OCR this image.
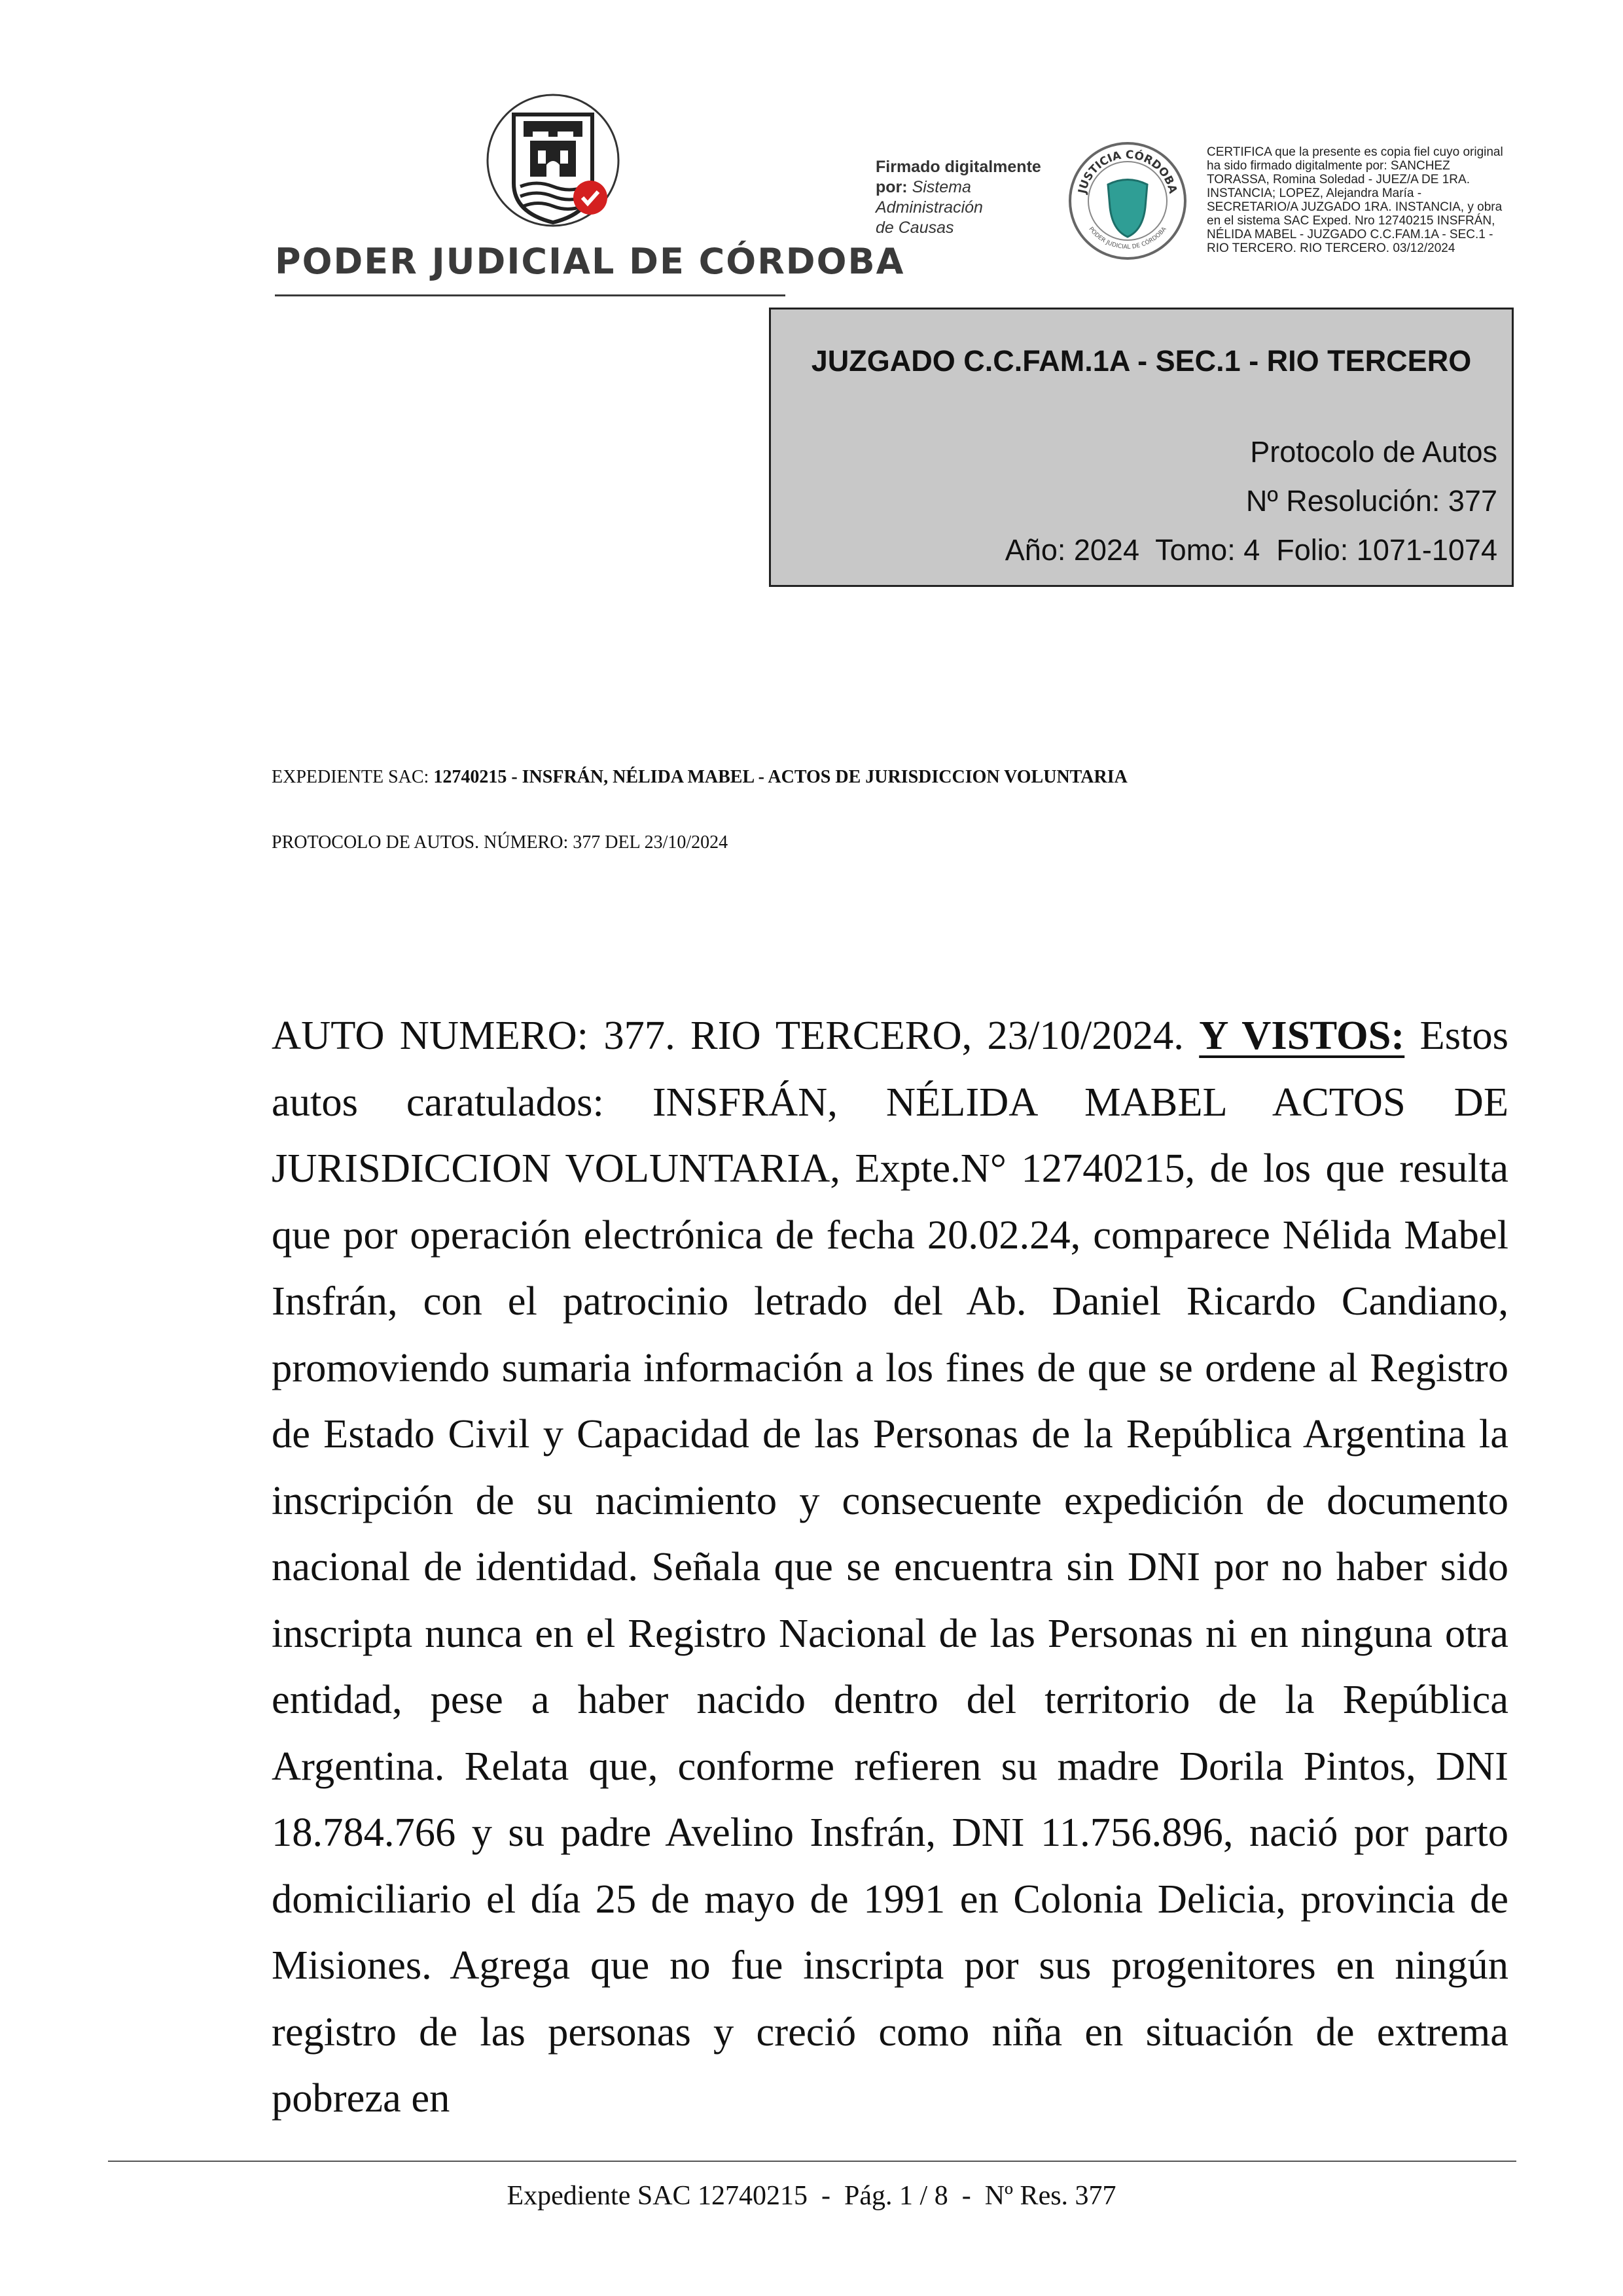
PODER JUDICIAL DE CÓRDOBA
Firmado digitalmente
por: Sistema
Administración
de Causas
JUSTICIA CÓRDOBA
PODER JUDICIAL DE CÓRDOBA
CERTIFICA que la presente es copia fiel cuyo original
ha sido firmado digitalmente por: SANCHEZ
TORASSA, Romina Soledad - JUEZ/A DE 1RA.
INSTANCIA; LOPEZ, Alejandra María -
SECRETARIO/A JUZGADO 1RA. INSTANCIA, y obra
en el sistema SAC Exped. Nro 12740215 INSFRÁN,
NÉLIDA MABEL - JUZGADO C.C.FAM.1A - SEC.1 -
RIO TERCERO. RIO TERCERO. 03/12/2024
JUZGADO C.C.FAM.1A - SEC.1 - RIO TERCERO
Protocolo de Autos
Nº Resolución: 377
Año: 2024  Tomo: 4  Folio: 1071-1074
EXPEDIENTE SAC: 12740215 - INSFRÁN, NÉLIDA MABEL - ACTOS DE JURISDICCION VOLUNTARIA
PROTOCOLO DE AUTOS. NÚMERO: 377 DEL 23/10/2024
AUTO NUMERO: 377. RIO TERCERO, 23/10/2024. Y VISTOS: Estos autos caratulados: INSFRÁN, NÉLIDA MABEL ACTOS DE JURISDICCION VOLUNTARIA, Expte.N° 12740215, de los que resulta que por operación electrónica de fecha 20.02.24, comparece Nélida Mabel Insfrán, con el patrocinio letrado del Ab. Daniel Ricardo Candiano, promoviendo sumaria información a los fines de que se ordene al Registro de Estado Civil y Capacidad de las Personas de la República Argentina la inscripción de su nacimiento y consecuente expedición de documento nacional de identidad. Señala que se encuentra sin DNI por no haber sido inscripta nunca en el Registro Nacional de las Personas ni en ninguna otra entidad, pese a haber nacido dentro del territorio de la República Argentina. Relata que, conforme refieren su madre Dorila Pintos, DNI 18.784.766 y su padre Avelino Insfrán, DNI 11.756.896, nació por parto domiciliario el día 25 de mayo de 1991 en Colonia Delicia, provincia de Misiones. Agrega que no fue inscripta por sus progenitores en ningún registro de las personas y creció como niña en situación de extrema pobreza en
Expediente SAC 12740215  -  Pág. 1 / 8  -  Nº Res. 377
